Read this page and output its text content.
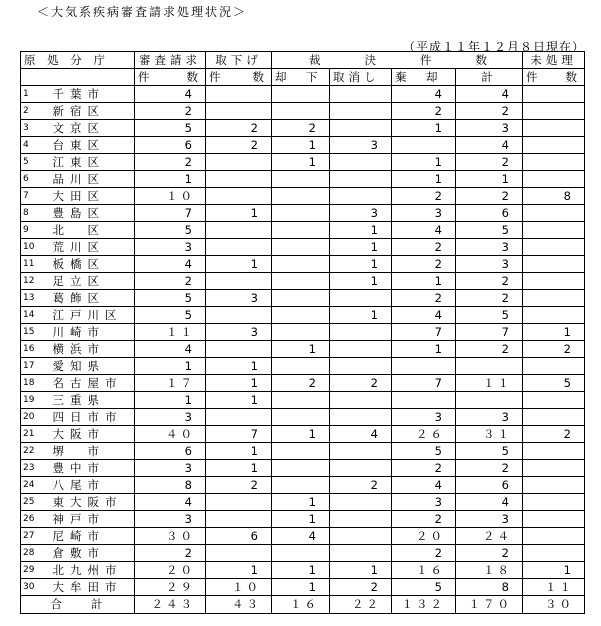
＜大気系疾病審査請求処理状況＞
（平成１１年１２月８日現在）
原 処 分 庁		審査請求	取下げ	裁 決 件 数				未処理

		件 数	件 数	却　下	取消し	棄　却	計	件 数

1	千葉市	4				4	4	
2	新宿区	2				2	2	
3	文京区	5	2	2		1	3	
4	台東区	6	2	1	3		4	
5	江東区	2		1		1	2	
6	品川区	1				1	1	
7	大田区	１０				2	2	8
8	豊島区	7	1		3	3	6	
9	北　区	5			1	4	5	
10	荒川区	3			1	2	3	
11	板橋区	4	1		1	2	3	
12	足立区	2			1	1	2	
13	葛飾区	5	3			2	2	
14	江戸川区	5			1	4	5	
15	川崎市	１１	3			7	7	1
16	横浜市	4		1		1	2	2
17	愛知県	1	1					
18	名古屋市	１７	1	2	2	7	１１	5
19	三重県	1	1					
20	四日市市	3				3	3	
21	大阪市	４０	7	1	4	２６	３１	2
22	堺　市	6	1			5	5	
23	豊中市	3	1			2	2	
24	八尾市	8	2		2	4	6	
25	東大阪市	4		1		3	4	
26	神戸市	3		1		2	3	
27	尼崎市	３０	6	4		２０	２４	
28	倉敷市	2				2	2	
29	北九州市	２０	1	1	1	１６	１８	1
30	大牟田市	２９	１０	1	2	5	8	１１
合　　計		２４３	４３	１６	２２	１３２	１７０	３０
